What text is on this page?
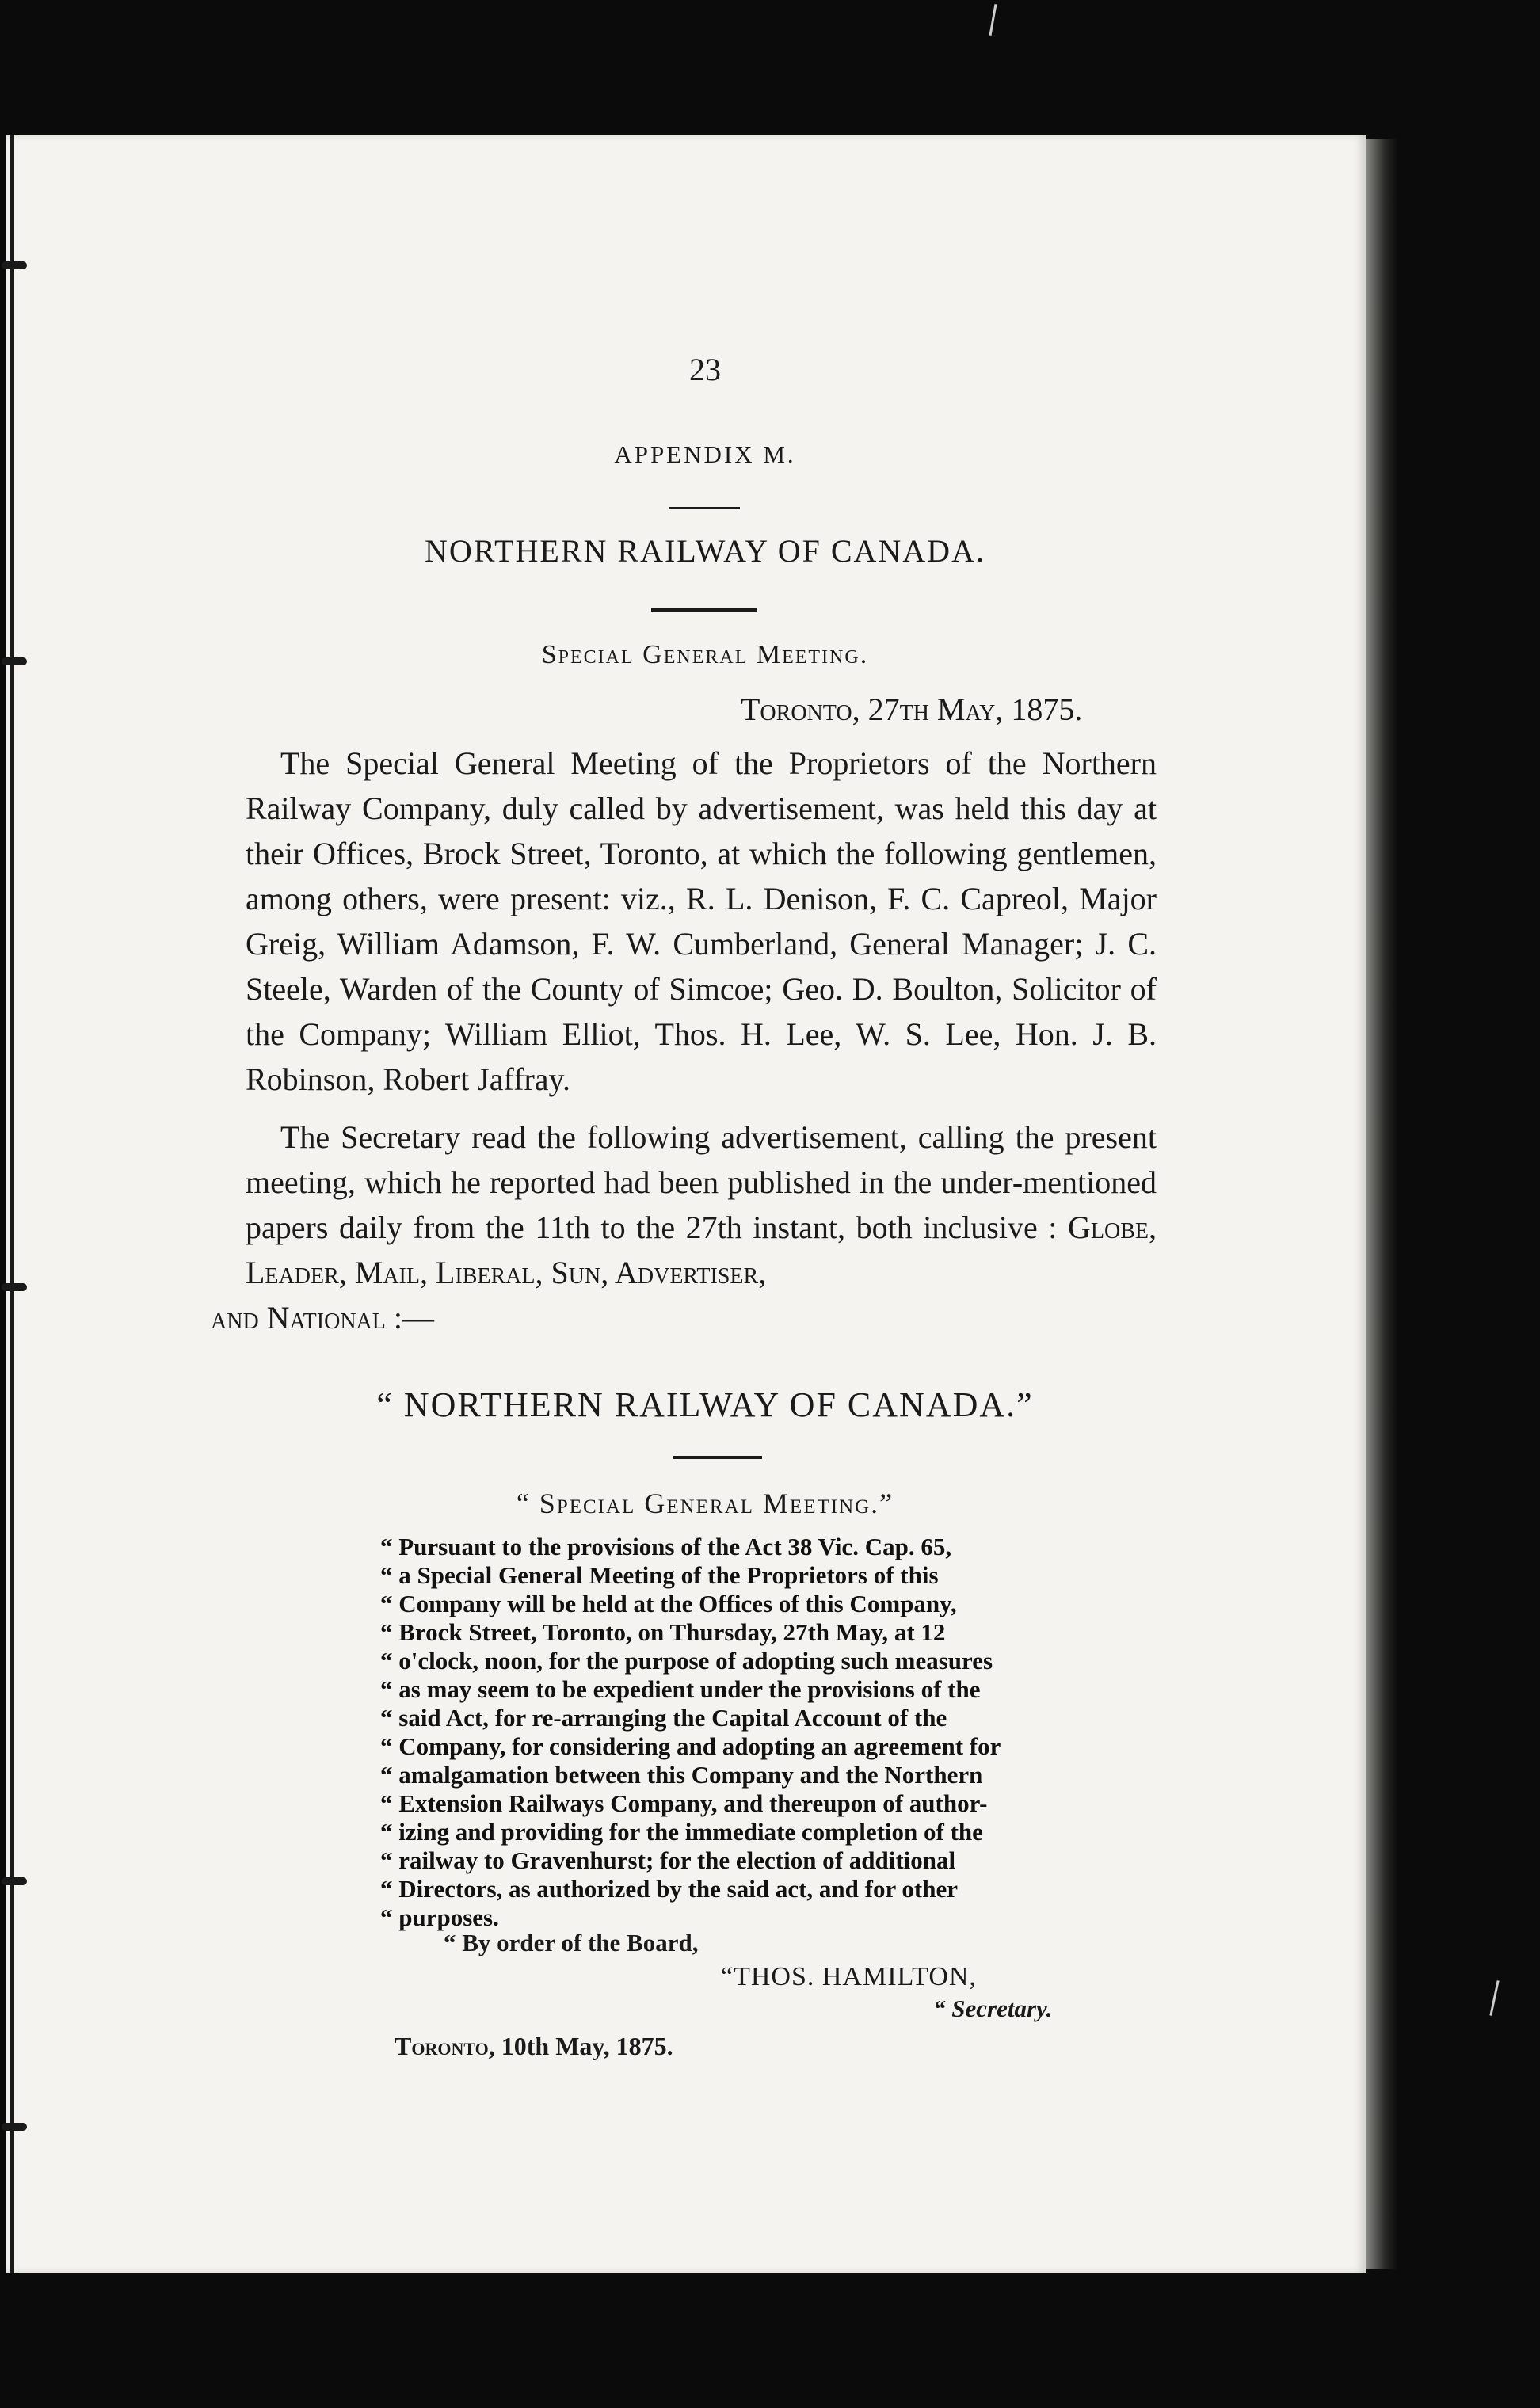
23
APPENDIX M.
NORTHERN RAILWAY OF CANADA.
Special General Meeting.
Toronto, 27th May, 1875.

The Special General Meeting of the Proprietors of the Northern Railway Company, duly called by advertisement, was held this day at their Offices, Brock Street, Toronto, at which the following gentlemen, among others, were present: viz., R. L. Denison, F. C. Capreol, Major Greig, William Adamson, F. W. Cumberland, General Manager; J. C. Steele, Warden of the County of Simcoe; Geo. D. Boulton, Solicitor of the Company; William Elliot, Thos. H. Lee, W. S. Lee, Hon. J. B. Robinson, Robert Jaffray.

The Secretary read the following advertisement, calling the present meeting, which he reported had been published in the under-mentioned papers daily from the 11th to the 27th instant, both inclusive : Globe, Leader, Mail, Liberal, Sun, Advertiser,
and National :—

“ NORTHERN RAILWAY OF CANADA.”
“ Special General Meeting.”
“ Pursuant to the provisions of the Act 38 Vic. Cap. 65,
“ a Special General Meeting of the Proprietors of this
“ Company will be held at the Offices of this Company,
“ Brock Street, Toronto, on Thursday, 27th May, at 12
“ o'clock, noon, for the purpose of adopting such measures
“ as may seem to be expedient under the provisions of the
“ said Act, for re-arranging the Capital Account of the
“ Company, for considering and adopting an agreement for
“ amalgamation between this Company and the Northern
“ Extension Railways Company, and thereupon of author-
“ izing and providing for the immediate completion of the
“ railway to Gravenhurst; for the election of additional
“ Directors, as authorized by the said act, and for other
“ purposes.
“ By order of the Board,
“THOS. HAMILTON,
“ Secretary.
Toronto, 10th May, 1875.
